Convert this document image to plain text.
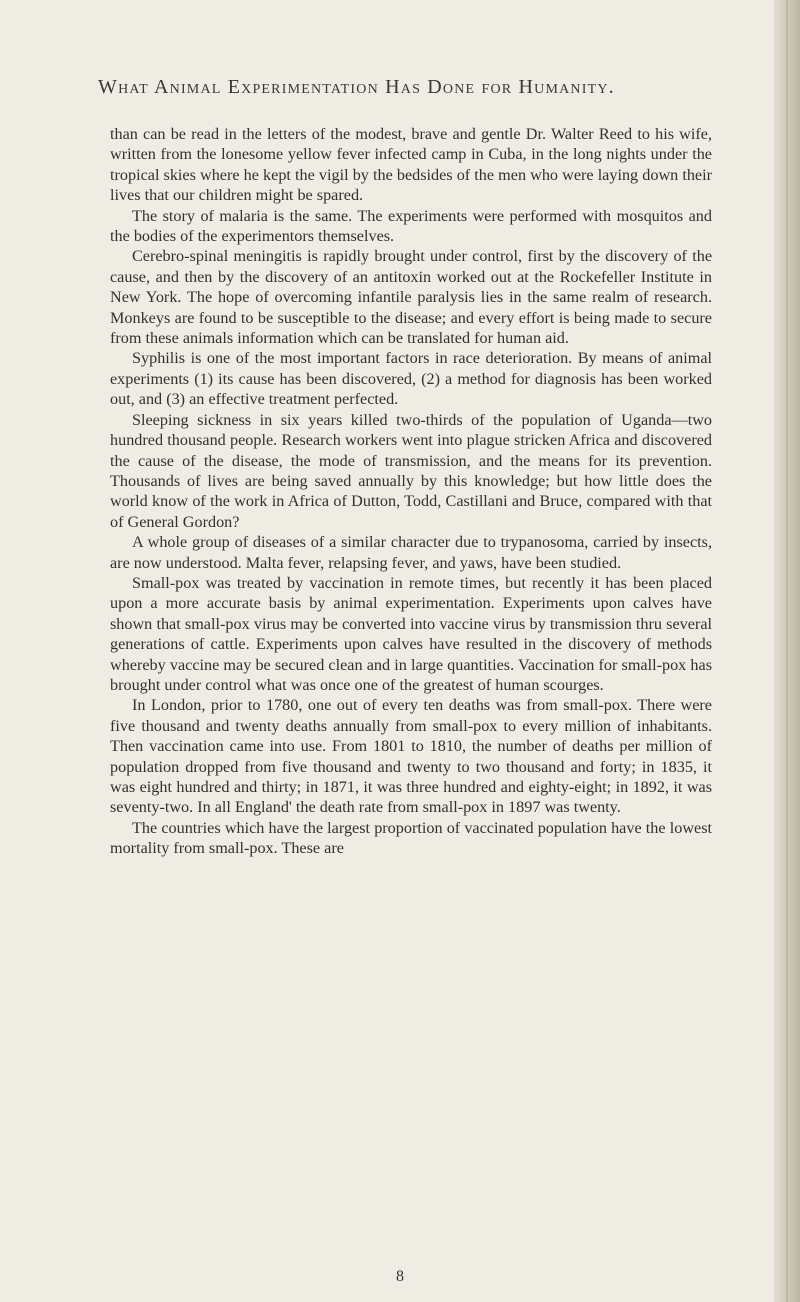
What Animal Experimentation Has Done for Humanity.

than can be read in the letters of the modest, brave and gentle Dr. Walter Reed to his wife, written from the lonesome yellow fever infected camp in Cuba, in the long nights under the tropical skies where he kept the vigil by the bedsides of the men who were laying down their lives that our children might be spared.

The story of malaria is the same. The experiments were performed with mosquitos and the bodies of the experimentors themselves.

Cerebro-spinal meningitis is rapidly brought under control, first by the discovery of the cause, and then by the discovery of an antitoxin worked out at the Rockefeller Institute in New York. The hope of overcoming infantile paralysis lies in the same realm of research. Monkeys are found to be susceptible to the disease; and every effort is being made to secure from these animals information which can be translated for human aid.

Syphilis is one of the most important factors in race deterioration. By means of animal experiments (1) its cause has been discovered, (2) a method for diagnosis has been worked out, and (3) an effective treatment perfected.

Sleeping sickness in six years killed two-thirds of the population of Uganda—two hundred thousand people. Research workers went into plague stricken Africa and discovered the cause of the disease, the mode of transmission, and the means for its prevention. Thousands of lives are being saved annually by this knowledge; but how little does the world know of the work in Africa of Dutton, Todd, Castillani and Bruce, compared with that of General Gordon?

A whole group of diseases of a similar character due to trypanosoma, carried by insects, are now understood. Malta fever, relapsing fever, and yaws, have been studied.

Small-pox was treated by vaccination in remote times, but recently it has been placed upon a more accurate basis by animal experimentation. Experiments upon calves have shown that small-pox virus may be converted into vaccine virus by transmission thru several generations of cattle. Experiments upon calves have resulted in the discovery of methods whereby vaccine may be secured clean and in large quantities. Vaccination for small-pox has brought under control what was once one of the greatest of human scourges.

In London, prior to 1780, one out of every ten deaths was from small-pox. There were five thousand and twenty deaths annually from small-pox to every million of inhabitants. Then vaccination came into use. From 1801 to 1810, the number of deaths per million of population dropped from five thousand and twenty to two thousand and forty; in 1835, it was eight hundred and thirty; in 1871, it was three hundred and eighty-eight; in 1892, it was seventy-two. In all England' the death rate from small-pox in 1897 was twenty.

The countries which have the largest proportion of vaccinated population have the lowest mortality from small-pox. These are

8
